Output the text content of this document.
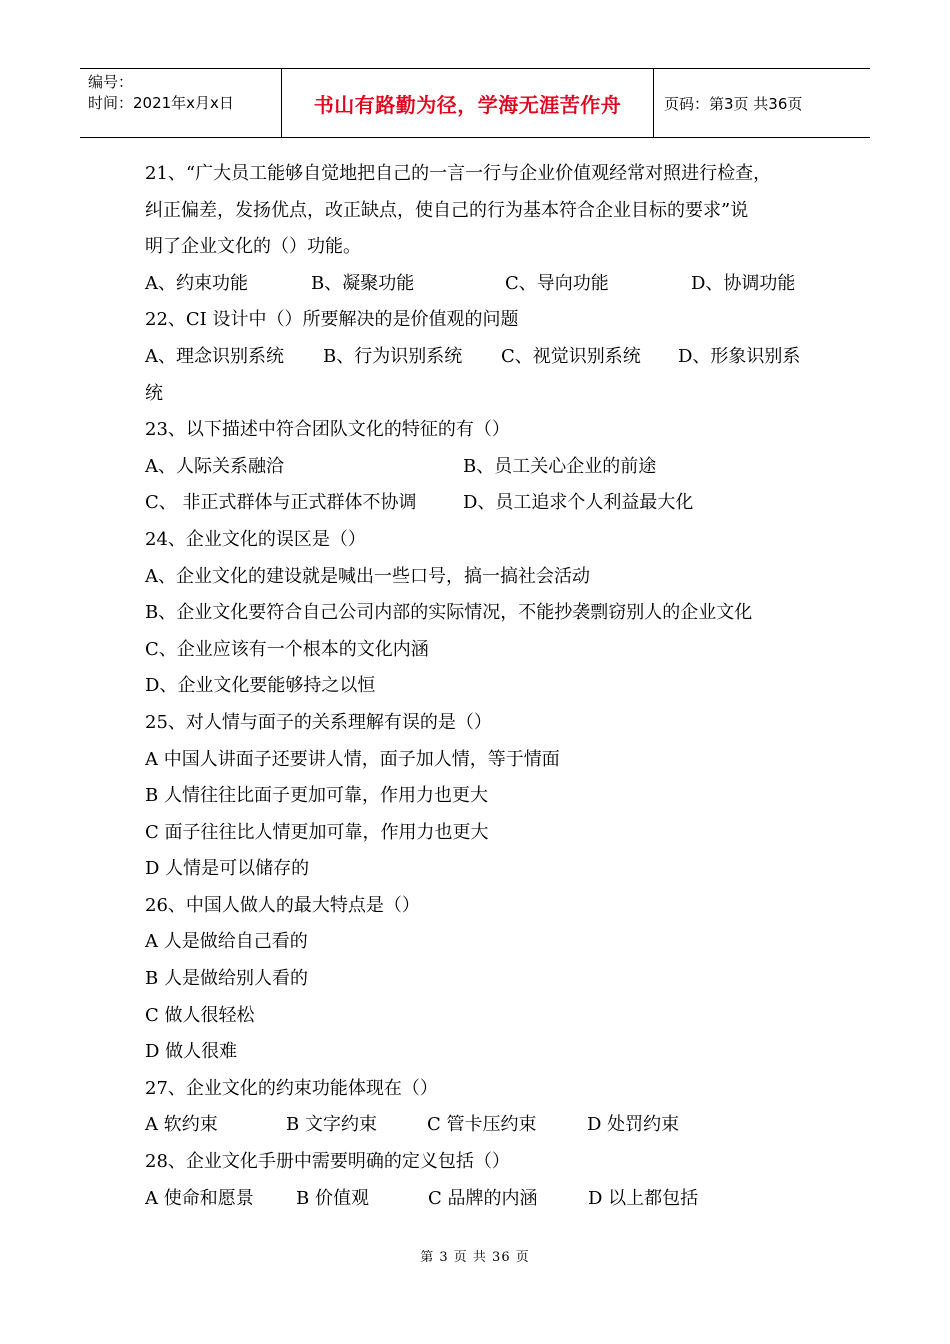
编号：
时间：2021年x月x日	书山有路勤为径，学海无涯苦作舟	页码：第3页 共36页
21、“广大员工能够自觉地把自己的一言一行与企业价值观经常对照进行检查，
纠正偏差，发扬优点，改正缺点，使自己的行为基本符合企业目标的要求”说
明了企业文化的（）功能。
A、约束功能	B、凝聚功能	C、导向功能	D、协调功能
22、CI 设计中（）所要解决的是价值观的问题
A、理念识别系统 B、行为识别系统 C、视觉识别系统 D、形象识别系
统
23、以下描述中符合团队文化的特征的有（）
A、人际关系融洽	B、员工关心企业的前途
C、 非正式群体与正式群体不协调	D、员工追求个人利益最大化
24、企业文化的误区是（）
A、企业文化的建设就是喊出一些口号，搞一搞社会活动
B、企业文化要符合自己公司内部的实际情况，不能抄袭剽窃别人的企业文化
C、企业应该有一个根本的文化内涵
D、企业文化要能够持之以恒
25、对人情与面子的关系理解有误的是（）
A 中国人讲面子还要讲人情，面子加人情，等于情面
B 人情往往比面子更加可靠，作用力也更大
C 面子往往比人情更加可靠，作用力也更大
D 人情是可以储存的
26、中国人做人的最大特点是（）
A 人是做给自己看的
B 人是做给别人看的
C 做人很轻松
D 做人很难
27、企业文化的约束功能体现在（）
A 软约束	B 文字约束	C 管卡压约束	D 处罚约束
28、企业文化手册中需要明确的定义包括（）
A 使命和愿景 B 价值观	C 品牌的内涵	D 以上都包括
第 3 页 共 36 页
